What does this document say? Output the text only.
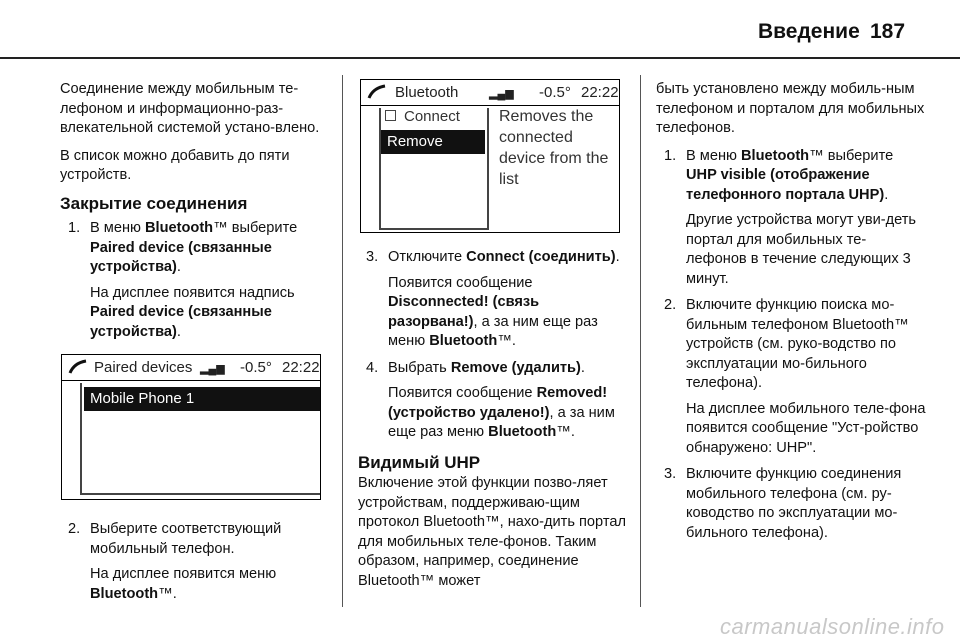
Введение 187

Соединение между мобильным те-лефоном и информационно-раз-влекательной системой устано-влено.

В список можно добавить до пяти устройств.

Закрытие соединения
1. В меню Bluetooth™ выберите Paired device (связанные устройства).

На дисплее появится надпись Paired device (связанные устройства).

Paired devices ▂▄▆ -0.5° 22:22
Mobile Phone 1
2. Выберите соответствующий мобильный телефон.

На дисплее появится меню Bluetooth™.

Bluetooth	▂▄▆ -0.5° 22:22
Connect
Remove
Removes the connected device from the list
3. Отключите Connect (соединить).

Появится сообщение Disconnected! (связь разорвана!), а за ним еще раз меню Bluetooth™.

4. Выбрать Remove (удалить).

Появится сообщение Removed! (устройство удалено!), а за ним еще раз меню Bluetooth™.

Видимый UHP

Включение этой функции позво-ляет устройствам, поддерживаю-щим протокол Bluetooth™, нахо-дить портал для мобильных теле-фонов. Таким образом, например, соединение Bluetooth™ может

быть установлено между мобиль-ным телефоном и порталом для мобильных телефонов.

1. В меню Bluetooth™ выберите UHP visible (отображение телефонного портала UHP).

Другие устройства могут уви-деть портал для мобильных те-лефонов в течение следующих 3 минут.

2. Включите функцию поиска мо-бильным телефоном Bluetooth™ устройств (см. руко-водство по эксплуатации мо-бильного телефона).

На дисплее мобильного теле-фона появится сообщение "Уст-ройство обнаружено: UHP".

3. Включите функцию соединения мобильного телефона (см. ру-ководство по эксплуатации мо-бильного телефона).

carmanualsonline.info
